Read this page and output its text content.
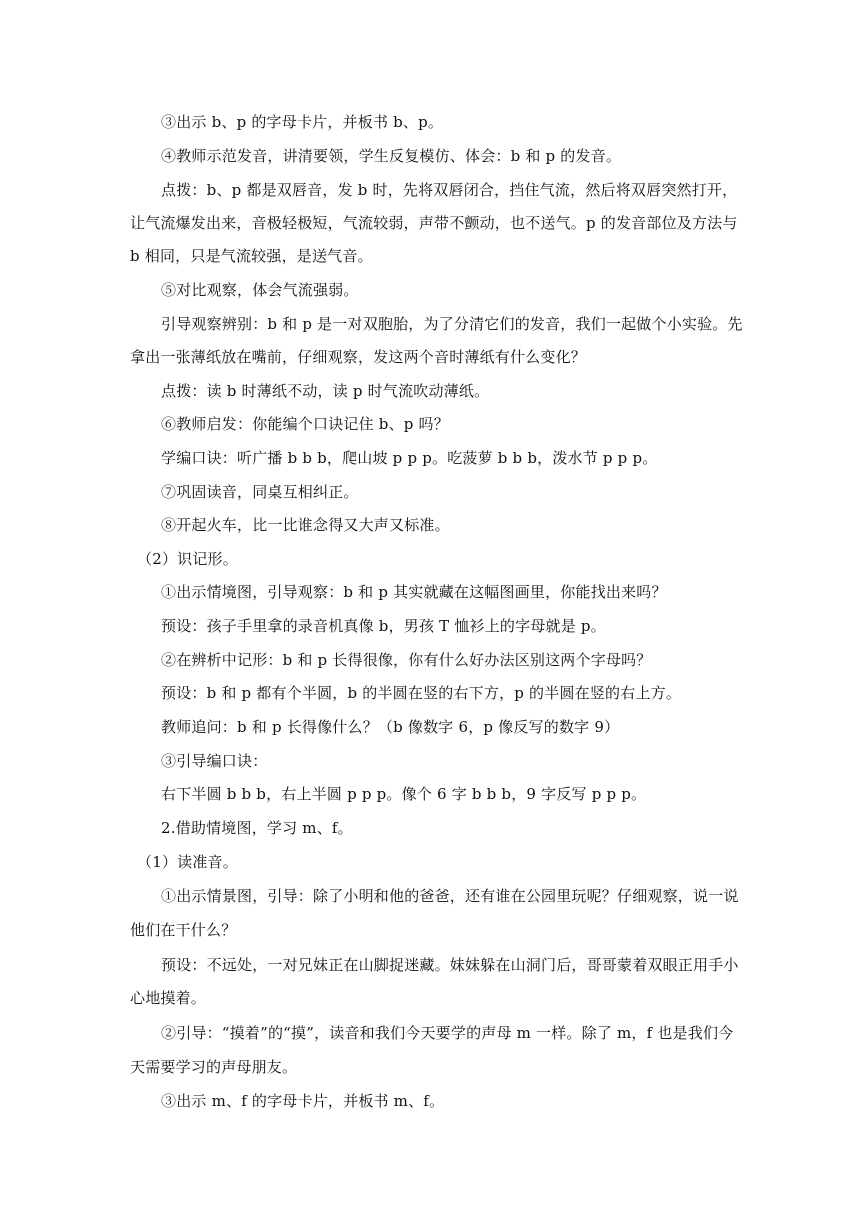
③出示 b、p 的字母卡片，并板书 b、p。
④教师示范发音，讲清要领，学生反复模仿、体会：b 和 p 的发音。
点拨：b、p 都是双唇音，发 b 时，先将双唇闭合，挡住气流，然后将双唇突然打开，
让气流爆发出来，音极轻极短，气流较弱，声带不颤动，也不送气。p 的发音部位及方法与
b 相同，只是气流较强，是送气音。
⑤对比观察，体会气流强弱。
引导观察辨别：b 和 p 是一对双胞胎，为了分清它们的发音，我们一起做个小实验。先
拿出一张薄纸放在嘴前，仔细观察，发这两个音时薄纸有什么变化？
点拨：读 b 时薄纸不动，读 p 时气流吹动薄纸。
⑥教师启发：你能编个口诀记住 b、p 吗？
学编口诀：听广播 b b b，爬山坡 p p p。吃菠萝 b b b，泼水节 p p p。
⑦巩固读音，同桌互相纠正。
⑧开起火车，比一比谁念得又大声又标准。
（2）识记形。
①出示情境图，引导观察：b 和 p 其实就藏在这幅图画里，你能找出来吗？
预设：孩子手里拿的录音机真像 b，男孩 T 恤衫上的字母就是 p。
②在辨析中记形：b 和 p 长得很像，你有什么好办法区别这两个字母吗？
预设：b 和 p 都有个半圆，b 的半圆在竖的右下方，p 的半圆在竖的右上方。
教师追问：b 和 p 长得像什么？（b 像数字 6，p 像反写的数字 9）
③引导编口诀：
右下半圆 b b b，右上半圆 p p p。像个 6 字 b b b，9 字反写 p p p。
2.借助情境图，学习 m、f。
（1）读准音。
①出示情景图，引导：除了小明和他的爸爸，还有谁在公园里玩呢？仔细观察，说一说
他们在干什么？
预设：不远处，一对兄妹正在山脚捉迷藏。妹妹躲在山洞门后，哥哥蒙着双眼正用手小
心地摸着。
②引导：“摸着”的“摸”，读音和我们今天要学的声母 m 一样。除了 m，f 也是我们今
天需要学习的声母朋友。
③出示 m、f 的字母卡片，并板书 m、f。
